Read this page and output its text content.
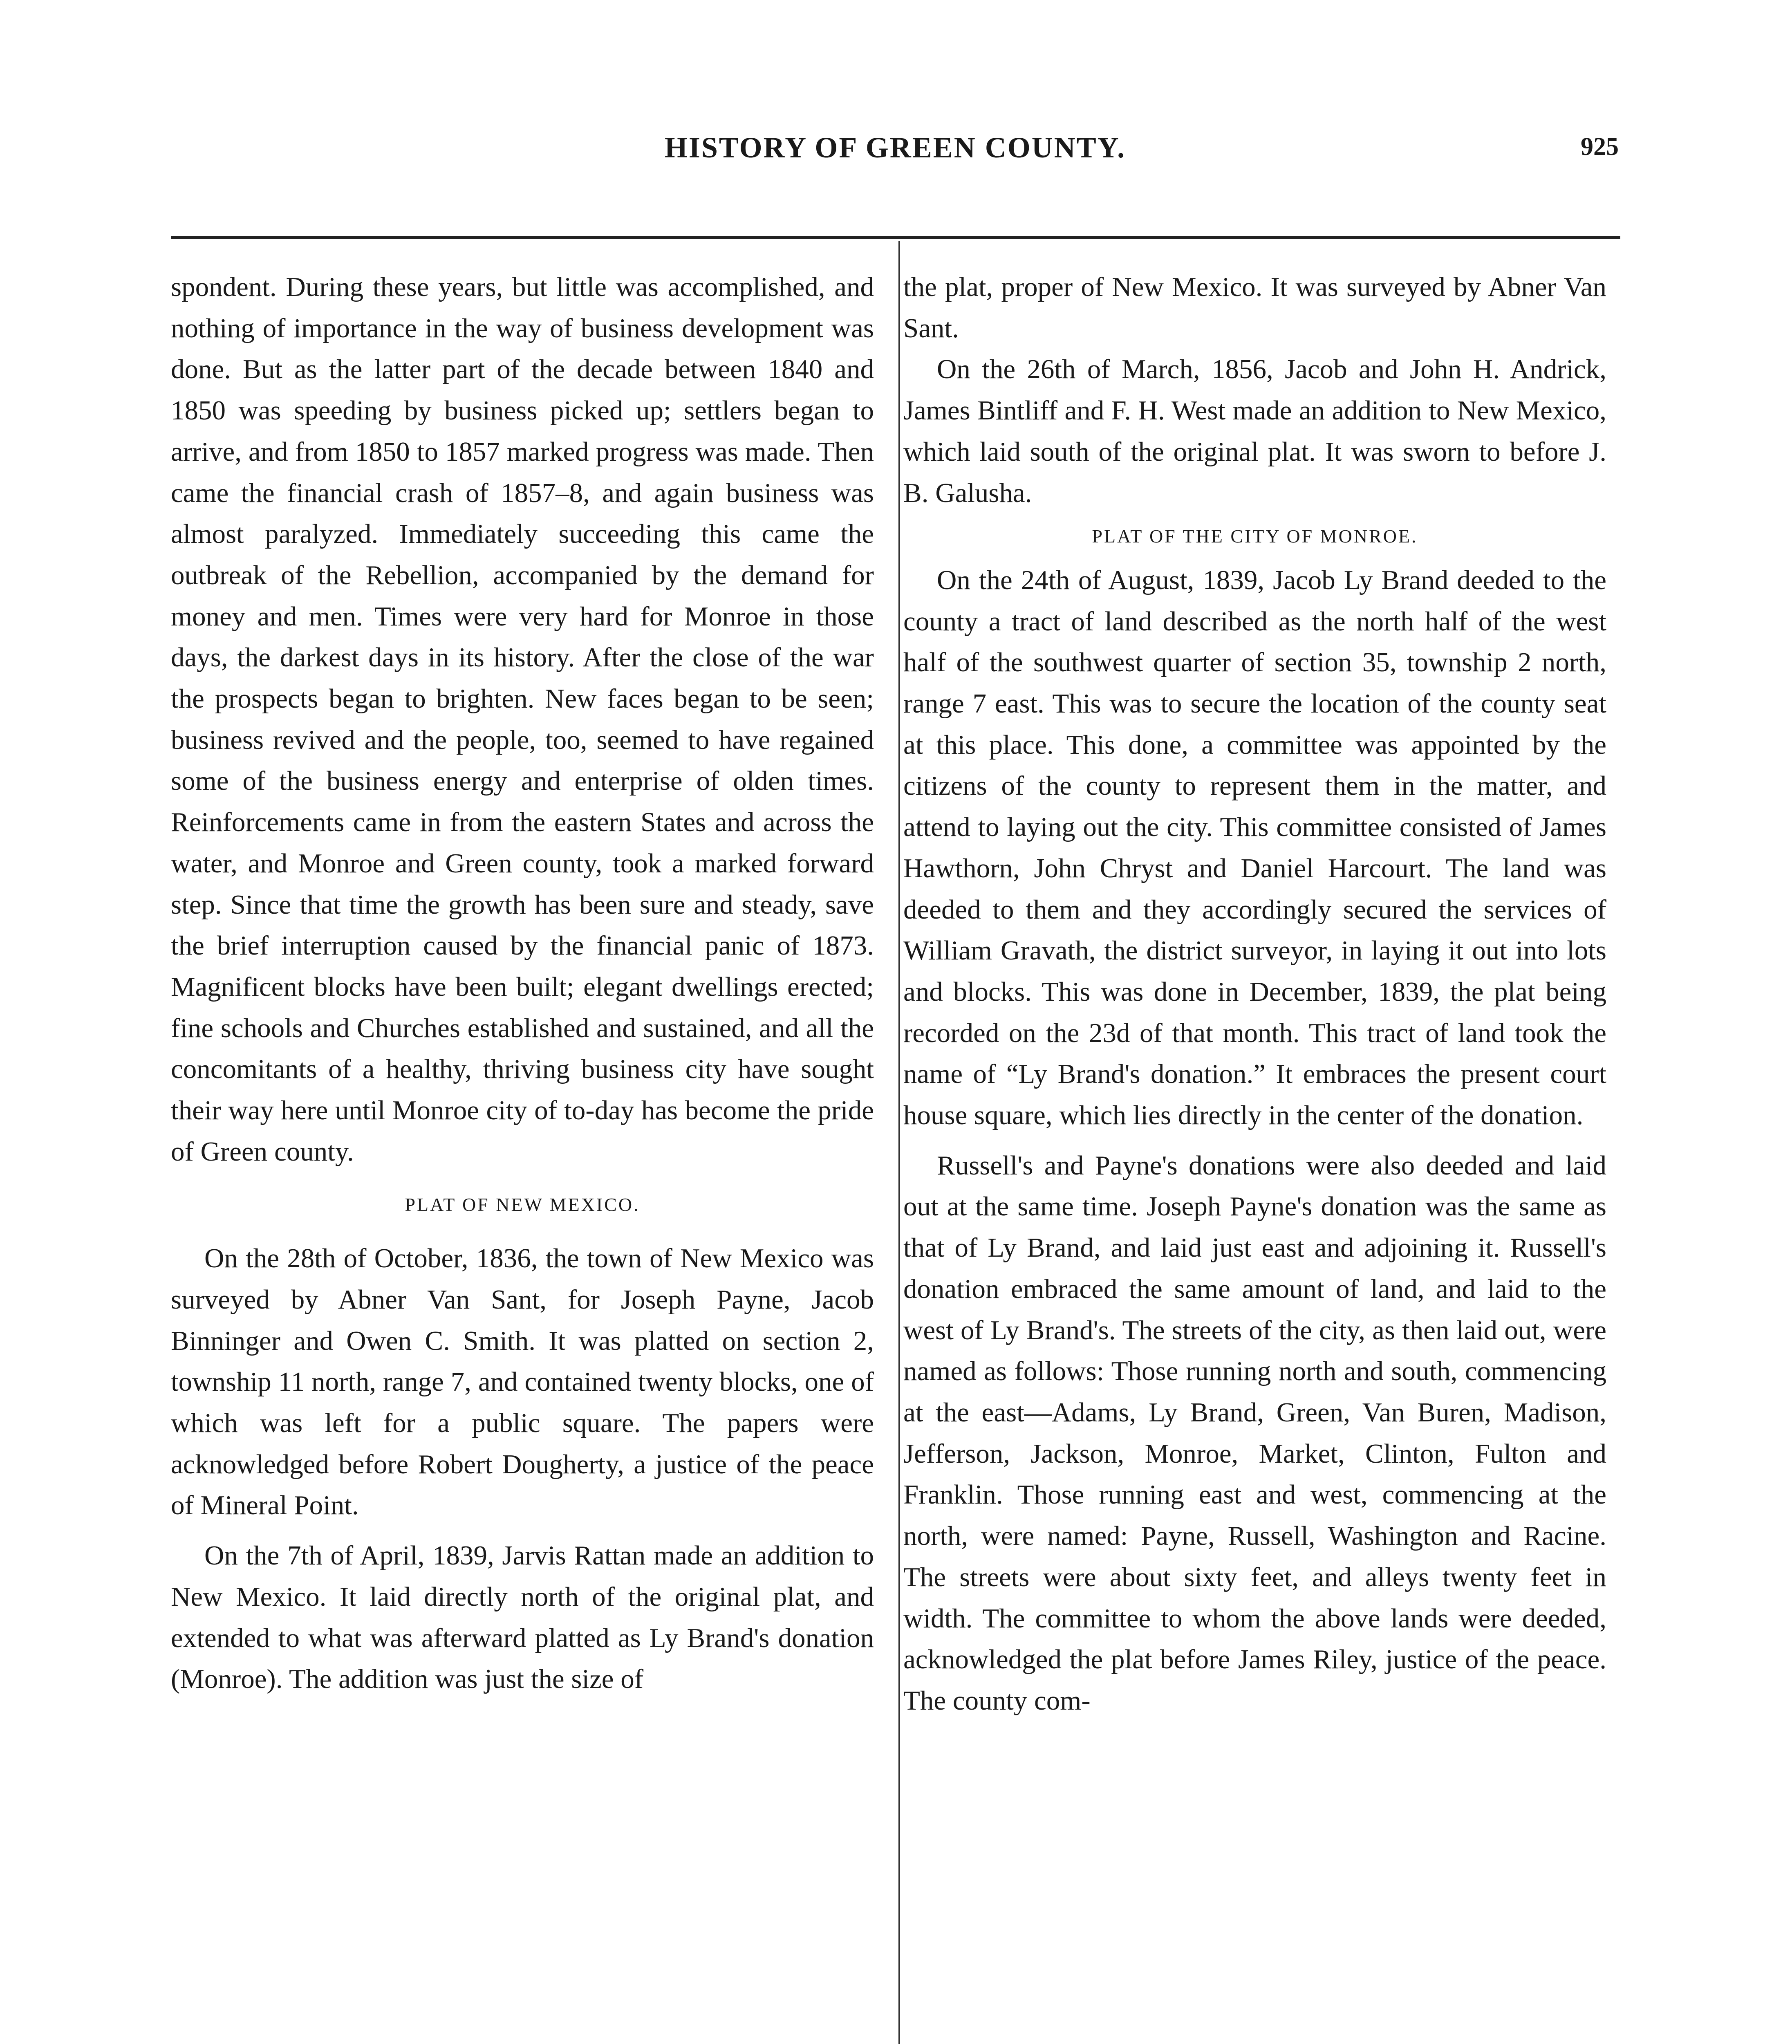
HISTORY OF GREEN COUNTY.	925

spondent. During these years, but little was accomplished, and nothing of importance in the way of business development was done. But as the latter part of the decade between 1840 and 1850 was speeding by business picked up; settlers began to arrive, and from 1850 to 1857 marked progress was made. Then came the financial crash of 1857–8, and again business was almost paralyzed. Immediately succeeding this came the outbreak of the Rebellion, accompanied by the demand for money and men. Times were very hard for Monroe in those days, the darkest days in its history. After the close of the war the prospects began to brighten. New faces began to be seen; business revived and the people, too, seemed to have regained some of the business energy and enterprise of olden times. Reinforcements came in from the eastern States and across the water, and Monroe and Green county, took a marked forward step. Since that time the growth has been sure and steady, save the brief interruption caused by the financial panic of 1873. Magnificent blocks have been built; elegant dwellings erected; fine schools and Churches established and sustained, and all the concomitants of a healthy, thriving business city have sought their way here until Monroe city of to-day has become the pride of Green county.

PLAT OF NEW MEXICO.

On the 28th of October, 1836, the town of New Mexico was surveyed by Abner Van Sant, for Joseph Payne, Jacob Binninger and Owen C. Smith. It was platted on section 2, township 11 north, range 7, and contained twenty blocks, one of which was left for a public square. The papers were acknowledged before Robert Dougherty, a justice of the peace of Mineral Point.

On the 7th of April, 1839, Jarvis Rattan made an addition to New Mexico. It laid directly north of the original plat, and extended to what was afterward platted as Ly Brand's donation (Monroe). The addition was just the size of

the plat, proper of New Mexico. It was surveyed by Abner Van Sant.

On the 26th of March, 1856, Jacob and John H. Andrick, James Bintliff and F. H. West made an addition to New Mexico, which laid south of the original plat. It was sworn to before J. B. Galusha.

PLAT OF THE CITY OF MONROE.

On the 24th of August, 1839, Jacob Ly Brand deeded to the county a tract of land described as the north half of the west half of the southwest quarter of section 35, township 2 north, range 7 east. This was to secure the location of the county seat at this place. This done, a committee was appointed by the citizens of the county to represent them in the matter, and attend to laying out the city. This committee consisted of James Hawthorn, John Chryst and Daniel Harcourt. The land was deeded to them and they accordingly secured the services of William Gravath, the district surveyor, in laying it out into lots and blocks. This was done in December, 1839, the plat being recorded on the 23d of that month. This tract of land took the name of “Ly Brand's donation.” It embraces the present court house square, which lies directly in the center of the donation.

Russell's and Payne's donations were also deeded and laid out at the same time. Joseph Payne's donation was the same as that of Ly Brand, and laid just east and adjoining it. Russell's donation embraced the same amount of land, and laid to the west of Ly Brand's. The streets of the city, as then laid out, were named as follows: Those running north and south, commencing at the east—Adams, Ly Brand, Green, Van Buren, Madison, Jefferson, Jackson, Monroe, Market, Clinton, Fulton and Franklin. Those running east and west, commencing at the north, were named: Payne, Russell, Washington and Racine. The streets were about sixty feet, and alleys twenty feet in width. The committee to whom the above lands were deeded, acknowledged the plat before James Riley, justice of the peace. The county com-
